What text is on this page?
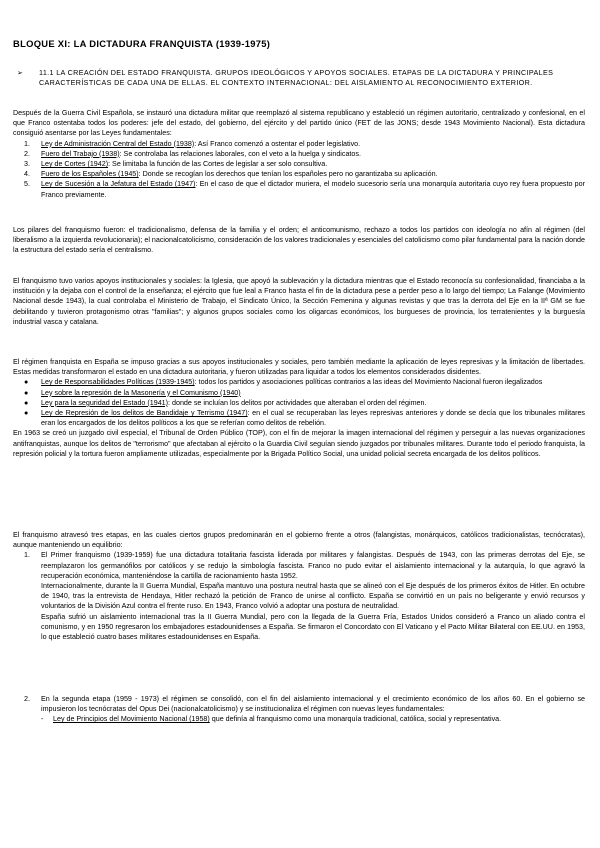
BLOQUE XI: LA DICTADURA FRANQUISTA (1939-1975)
➢ 11.1 LA CREACIÓN DEL ESTADO FRANQUISTA. GRUPOS IDEOLÓGICOS Y APOYOS SOCIALES. ETAPAS DE LA DICTADURA Y PRINCIPALES CARACTERÍSTICAS DE CADA UNA DE ELLAS. EL CONTEXTO INTERNACIONAL: DEL AISLAMIENTO AL RECONOCIMIENTO EXTERIOR.

Después de la Guerra Civil Española, se instauró una dictadura militar que reemplazó al sistema republicano y estableció un régimen autoritario, centralizado y confesional, en el que Franco ostentaba todos los poderes: jefe del estado, del gobierno, del ejército y del partido único (FET de las JONS; desde 1943 Movimiento Nacional). Esta dictadura consiguió asentarse por las Leyes fundamentales:

1. Ley de Administración Central del Estado (1938): Así Franco comenzó a ostentar el poder legislativo.
2. Fuero del Trabajo (1938): Se controlaba las relaciones laborales, con el veto a la huelga y sindicatos.
3. Ley de Cortes (1942): Se limitaba la función de las Cortes de legislar a ser solo consultiva.
4. Fuero de los Españoles (1945): Donde se recogían los derechos que tenían los españoles pero no garantizaba su aplicación.
5. Ley de Sucesión a la Jefatura del Estado (1947): En el caso de que el dictador muriera, el modelo sucesorio sería una monarquía autoritaria cuyo rey fuera propuesto por Franco previamente.
Los pilares del franquismo fueron: el tradicionalismo, defensa de la familia y el orden; el anticomunismo, rechazo a todos los partidos con ideología no afín al régimen (del liberalismo a la izquierda revolucionaria); el nacionalcatolicismo, consideración de los valores tradicionales y esenciales del catolicismo como pilar fundamental para la nación donde la estructura del estado sería el centralismo.
El franquismo tuvo varios apoyos institucionales y sociales: la Iglesia, que apoyó la sublevación y la dictadura mientras que el Estado reconocía su confesionalidad, financiaba a la institución y la dejaba con el control de la enseñanza; el ejército que fue leal a Franco hasta el fin de la dictadura pese a perder peso a lo largo del tiempo; La Falange (Movimiento Nacional desde 1943), la cual controlaba el Ministerio de Trabajo, el Sindicato Único, la Sección Femenina y algunas revistas y que tras la derrota del Eje en la IIª GM se fue debilitando y tuvieron protagonismo otras "familias"; y algunos grupos sociales como los oligarcas económicos, los burgueses de provincia, los terratenientes y la burguesía industrial vasca y catalana.

El régimen franquista en España se impuso gracias a sus apoyos institucionales y sociales, pero también mediante la aplicación de leyes represivas y la limitación de libertades. Estas medidas transformaron el estado en una dictadura autoritaria, y fueron utilizadas para liquidar a todos los elementos considerados disidentes.

● Ley de Responsabilidades Políticas (1939-1945): todos los partidos y asociaciones políticas contrarios a las ideas del Movimiento Nacional fueron ilegalizados
● Ley sobre la represión de la Masonería y el Comunismo (1940)
● Ley para la seguridad del Estado (1941): donde se incluían los delitos por actividades que alteraban el orden del régimen.
● Ley de Represión de los delitos de Bandidaje y Terrismo (1947): en el cual se recuperaban las leyes represivas anteriores y donde se decía que los tribunales militares eran los encargados de los delitos políticos a los que se referían como delitos de rebelión.

En 1963 se creó un juzgado civil especial, el Tribunal de Orden Público (TOP), con el fin de mejorar la imagen internacional del régimen y perseguir a las nuevas organizaciones antifranquistas, aunque los delitos de "terrorismo" que afectaban al ejército o la Guardia Civil seguían siendo juzgados por tribunales militares. Durante todo el periodo franquista, la represión policial y la tortura fueron ampliamente utilizadas, especialmente por la Brigada Político Social, una unidad policial secreta encargada de los delitos políticos.

El franquismo atravesó tres etapas, en las cuales ciertos grupos predominarán en el gobierno frente a otros (falangistas, monárquicos, católicos tradicionalistas, tecnócratas), aunque manteniendo un equilibrio:

1. El Primer franquismo (1939-1959) fue una dictadura totalitaria fascista liderada por militares y falangistas. Después de 1943, con las primeras derrotas del Eje, se reemplazaron los germanófilos por católicos y se redujo la simbología fascista. Franco no pudo evitar el aislamiento internacional y la autarquía, lo que agravó la recuperación económica, manteniéndose la cartilla de racionamiento hasta 1952.

Internacionalmente, durante la II Guerra Mundial, España mantuvo una postura neutral hasta que se alineó con el Eje después de los primeros éxitos de Hitler. En octubre de 1940, tras la entrevista de Hendaya, Hitler rechazó la petición de Franco de unirse al conflicto. España se convirtió en un país no beligerante y envió recursos y voluntarios de la División Azul contra el frente ruso. En 1943, Franco volvió a adoptar una postura de neutralidad.

España sufrió un aislamiento internacional tras la II Guerra Mundial, pero con la llegada de la Guerra Fría, Estados Unidos consideró a Franco un aliado contra el comunismo, y en 1950 regresaron los embajadores estadounidenses a España. Se firmaron el Concordato con El Vaticano y el Pacto Militar Bilateral con EE.UU. en 1953, lo que estableció cuatro bases militares estadounidenses en España.

2. En la segunda etapa (1959 - 1973) el régimen se consolidó, con el fin del aislamiento internacional y el crecimiento económico de los años 60. En el gobierno se impusieron los tecnócratas del Opus Dei (nacionalcatolicismo) y se institucionaliza el régimen con nuevas leyes fundamentales:

- Ley de Principios del Movimiento Nacional (1958) que definía al franquismo como una monarquía tradicional, católica, social y representativa.
